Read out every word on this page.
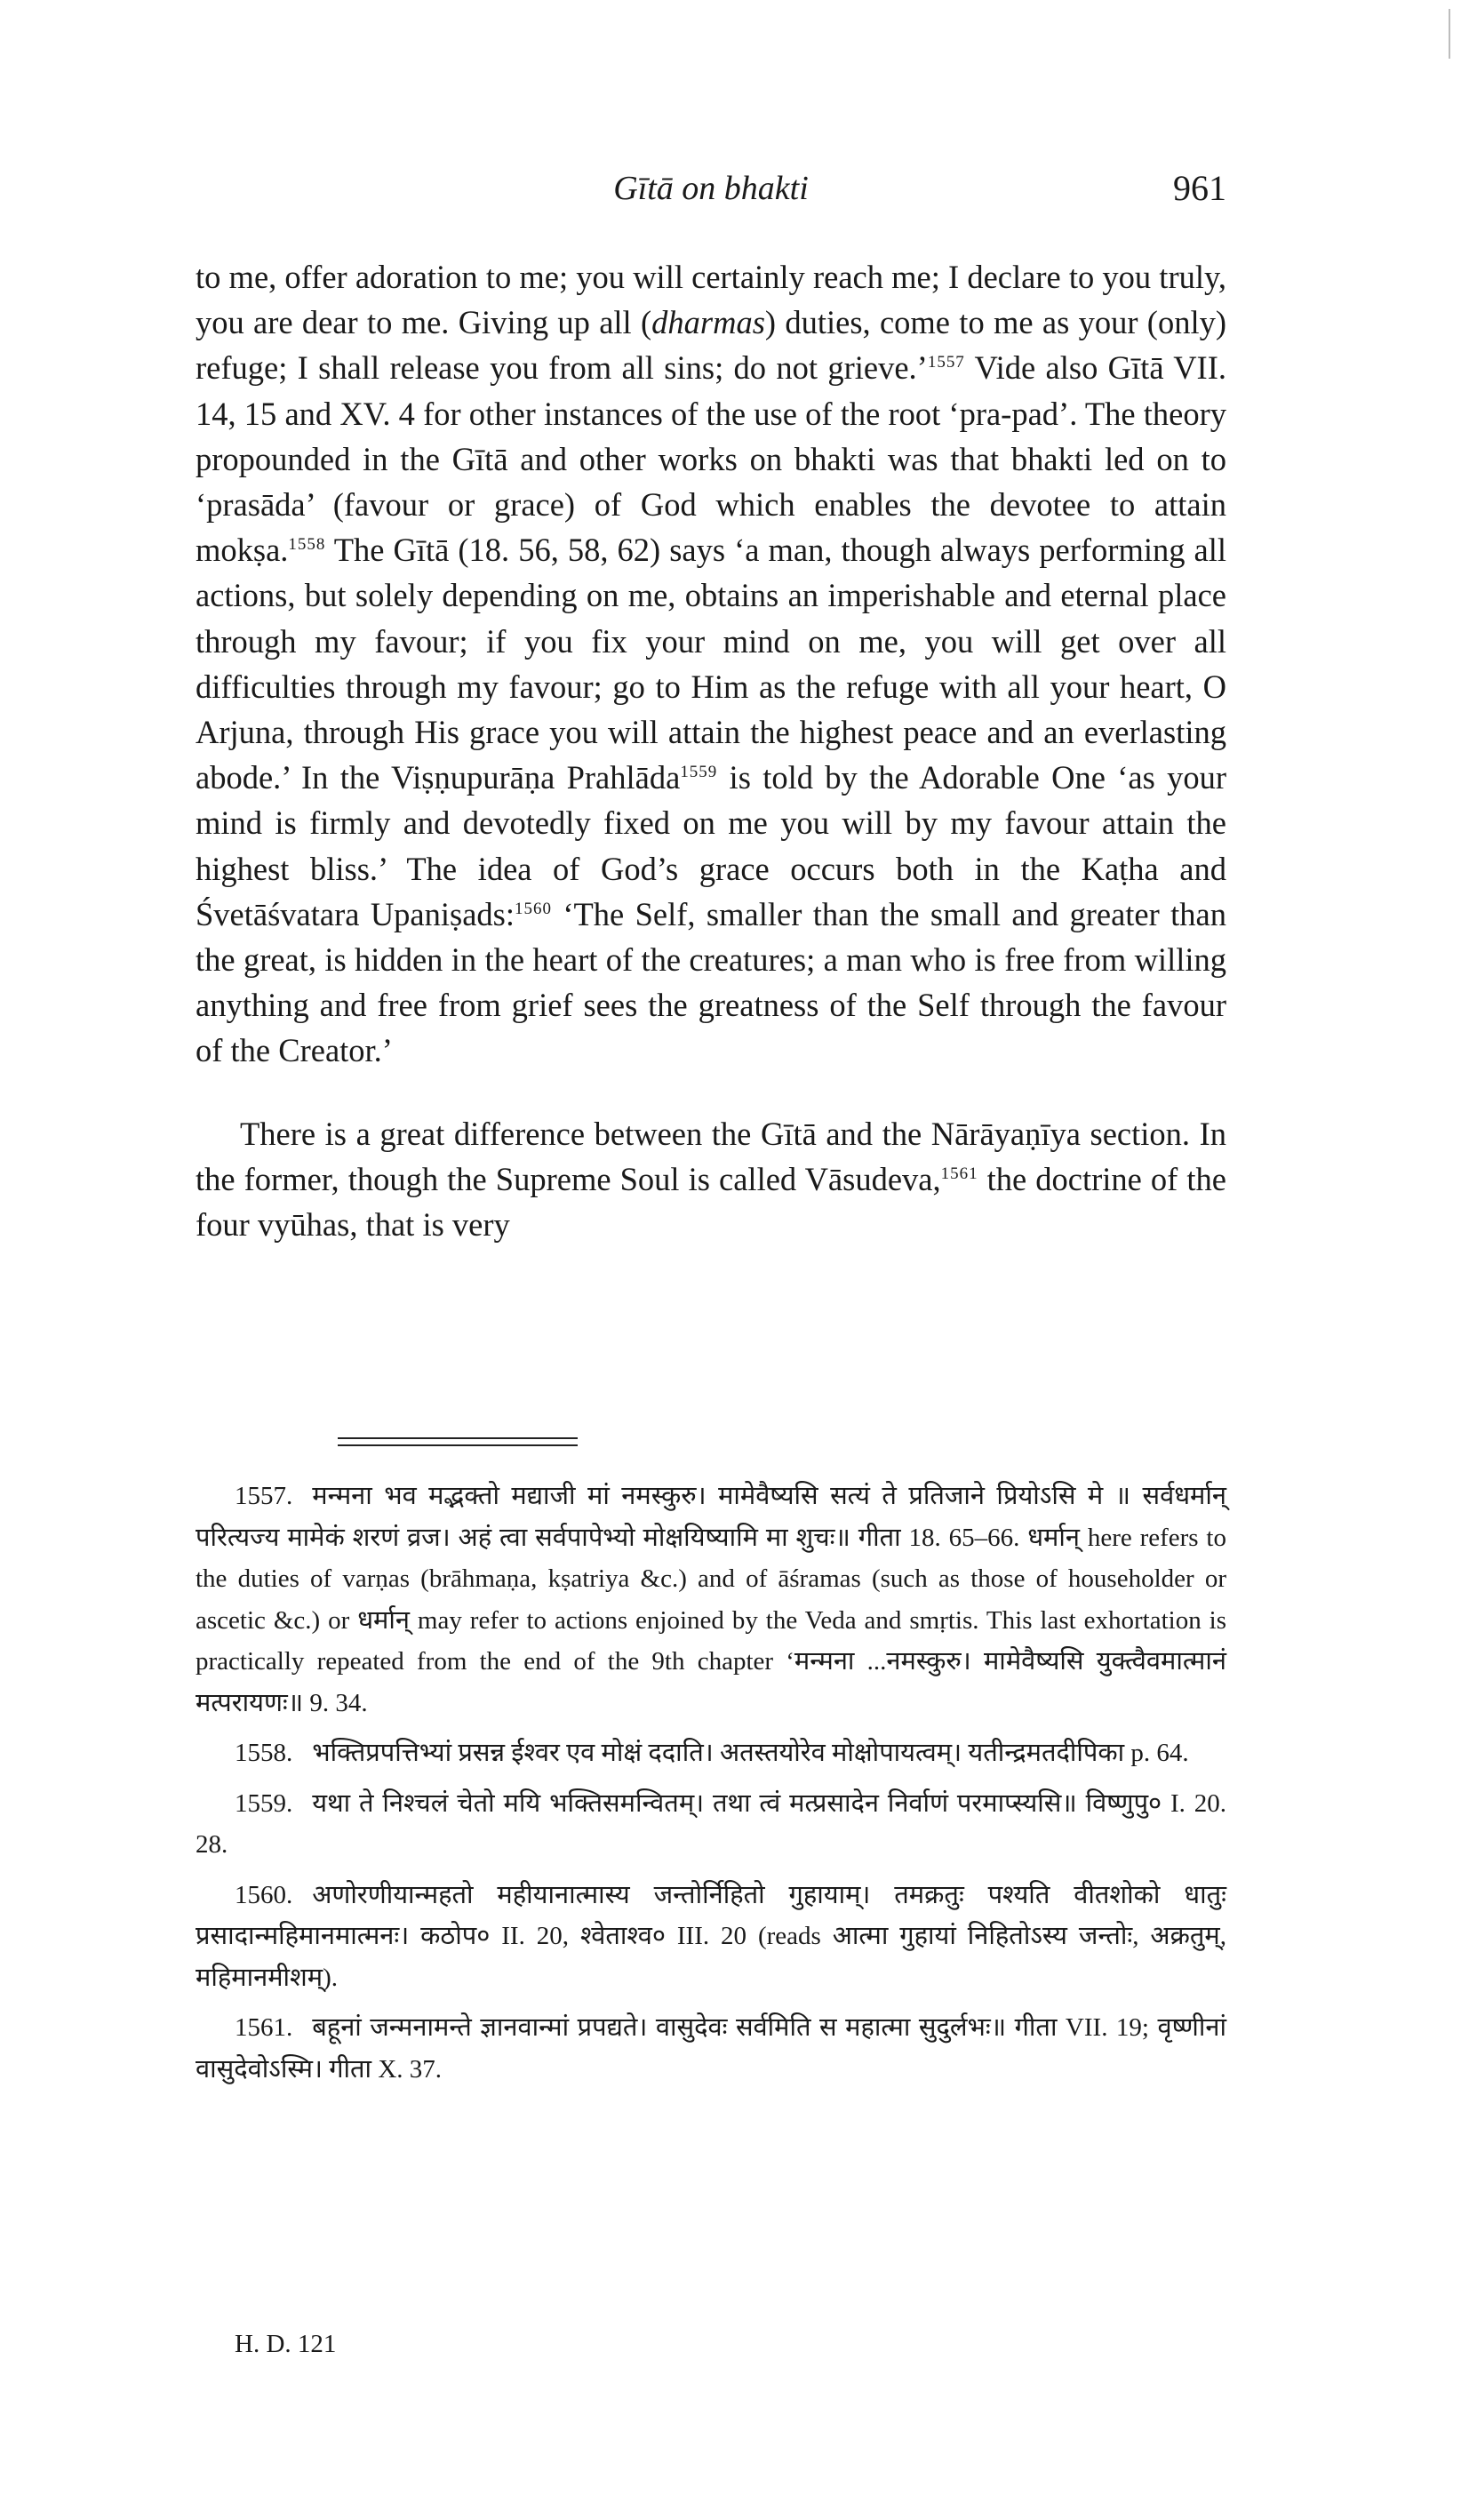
Gītā on bhakti	961

to me, offer adoration to me; you will certainly reach me; I declare to you truly, you are dear to me. Giving up all (dharmas) duties, come to me as your (only) refuge; I shall release you from all sins; do not grieve.’$^{1557}$ Vide also Gītā VII. 14, 15 and XV. 4 for other instances of the use of the root ‘pra-pad’. The theory propounded in the Gītā and other works on bhakti was that bhakti led on to ‘prasāda’ (favour or grace) of God which enables the devotee to attain mokṣa.$^{1558}$ The Gītā (18. 56, 58, 62) says ‘a man, though always performing all actions, but solely depending on me, obtains an imperishable and eternal place through my favour; if you fix your mind on me, you will get over all difficulties through my favour; go to Him as the refuge with all your heart, O Arjuna, through His grace you will attain the highest peace and an everlasting abode.’ In the Viṣṇupurāṇa Prahlāda$^{1559}$ is told by the Adorable One ‘as your mind is firmly and devotedly fixed on me you will by my favour attain the highest bliss.’ The idea of God’s grace occurs both in the Kaṭha and Śvetāśvatara Upaniṣads:$^{1560}$ ‘The Self, smaller than the small and greater than the great, is hidden in the heart of the creatures; a man who is free from willing anything and free from grief sees the greatness of the Self through the favour of the Creator.’

There is a great difference between the Gītā and the Nārāyaṇīya section. In the former, though the Supreme Soul is called Vāsudeva,$^{1561}$ the doctrine of the four vyūhas, that is very

1557. मन्मना भव मद्भक्तो मद्याजी मां नमस्कुरु। मामेवैष्यसि सत्यं ते प्रतिजाने प्रियोऽसि मे ॥ सर्वधर्मान् परित्यज्य मामेकं शरणं व्रज। अहं त्वा सर्वपापेभ्यो मोक्षयिष्यामि मा शुचः॥ गीता 18. 65–66. धर्मान् here refers to the duties of varṇas (brāhmaṇa, kṣatriya &c.) and of āśramas (such as those of householder or ascetic &c.) or धर्मान् may refer to actions enjoined by the Veda and smṛtis. This last exhortation is practically repeated from the end of the 9th chapter ‘मन्मना ...नमस्कुरु। मामेवैष्यसि युक्त्वैवमात्मानं मत्परायणः॥ 9. 34.

1558. भक्तिप्रपत्तिभ्यां प्रसन्न ईश्वर एव मोक्षं ददाति। अतस्तयोरेव मोक्षोपायत्वम्। यतीन्द्रमतदीपिका p. 64.

1559. यथा ते निश्चलं चेतो मयि भक्तिसमन्वितम्। तथा त्वं मत्प्रसादेन निर्वाणं परमाप्स्यसि॥ विष्णुपु० I. 20. 28.

1560. अणोरणीयान्महतो महीयानात्मास्य जन्तोर्निहितो गुहायाम्। तमक्रतुः पश्यति वीतशोको धातुः प्रसादान्महिमानमात्मनः। कठोप० II. 20, श्वेताश्व० III. 20 (reads आत्मा गुहायां निहितोऽस्य जन्तोः, अक्रतुम्, महिमानमीशम्).

1561. बहूनां जन्मनामन्ते ज्ञानवान्मां प्रपद्यते। वासुदेवः सर्वमिति स महात्मा सुदुर्लभः॥ गीता VII. 19; वृष्णीनां वासुदेवोऽस्मि। गीता X. 37.

H. D. 121
